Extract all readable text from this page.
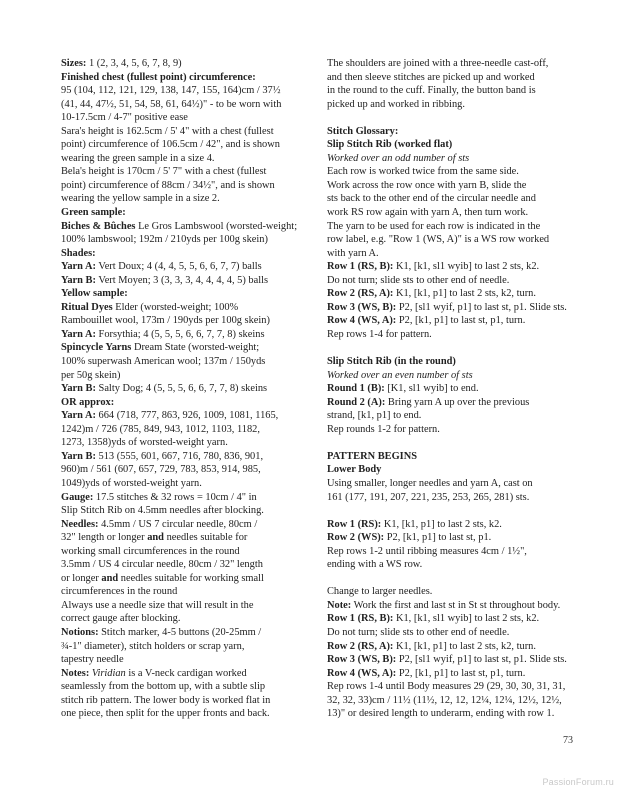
Sizes: 1 (2, 3, 4, 5, 6, 7, 8, 9)

Finished chest (fullest point) circumference:

95 (104, 112, 121, 129, 138, 147, 155, 164)cm / 37½

(41, 44, 47½, 51, 54, 58, 61, 64½)" - to be worn with

10-17.5cm / 4-7" positive ease

Sara's height is 162.5cm / 5' 4" with a chest (fullest

point) circumference of 106.5cm / 42", and is shown

wearing the green sample in a size 4.

Bela's height is 170cm / 5' 7" with a chest (fullest

point) circumference of 88cm / 34½", and is shown

wearing the yellow sample in a size 2.

Green sample:

Biches & Bûches Le Gros Lambswool (worsted-weight;

100% lambswool; 192m / 210yds per 100g skein)

Shades:

Yarn A: Vert Doux; 4 (4, 4, 5, 5, 6, 6, 7, 7) balls

Yarn B: Vert Moyen; 3 (3, 3, 3, 4, 4, 4, 4, 5) balls

Yellow sample:

Ritual Dyes Elder (worsted-weight; 100%

Rambouillet wool, 173m / 190yds per 100g skein)

Yarn A: Forsythia; 4 (5, 5, 5, 6, 6, 7, 7, 8) skeins

Spincycle Yarns Dream State (worsted-weight;

100% superwash American wool; 137m / 150yds

per 50g skein)

Yarn B: Salty Dog; 4 (5, 5, 5, 6, 6, 7, 7, 8) skeins

OR approx:

Yarn A: 664 (718, 777, 863, 926, 1009, 1081, 1165,

1242)m / 726 (785, 849, 943, 1012, 1103, 1182,

1273, 1358)yds of worsted-weight yarn.

Yarn B: 513 (555, 601, 667, 716, 780, 836, 901,

960)m / 561 (607, 657, 729, 783, 853, 914, 985,

1049)yds of worsted-weight yarn.

Gauge: 17.5 stitches & 32 rows = 10cm / 4" in

Slip Stitch Rib on 4.5mm needles after blocking.

Needles: 4.5mm / US 7 circular needle, 80cm /

32" length or longer and needles suitable for

working small circumferences in the round

3.5mm / US 4 circular needle, 80cm / 32" length

or longer and needles suitable for working small

circumferences in the round

Always use a needle size that will result in the

correct gauge after blocking.

Notions: Stitch marker, 4-5 buttons (20-25mm /

¾-1" diameter), stitch holders or scrap yarn,

tapestry needle

Notes: Viridian is a V-neck cardigan worked

seamlessly from the bottom up, with a subtle slip

stitch rib pattern. The lower body is worked flat in

one piece, then split for the upper fronts and back.

The shoulders are joined with a three-needle cast-off,

and then sleeve stitches are picked up and worked

in the round to the cuff. Finally, the button band is

picked up and worked in ribbing.

Stitch Glossary:

Slip Stitch Rib (worked flat)

Worked over an odd number of sts

Each row is worked twice from the same side.

Work across the row once with yarn B, slide the

sts back to the other end of the circular needle and

work RS row again with yarn A, then turn work.

The yarn to be used for each row is indicated in the

row label, e.g. "Row 1 (WS, A)" is a WS row worked

with yarn A.

Row 1 (RS, B): K1, [k1, sl1 wyib] to last 2 sts, k2.

Do not turn; slide sts to other end of needle.

Row 2 (RS, A): K1, [k1, p1] to last 2 sts, k2, turn.

Row 3 (WS, B): P2, [sl1 wyif, p1] to last st, p1. Slide sts.

Row 4 (WS, A): P2, [k1, p1] to last st, p1, turn.

Rep rows 1-4 for pattern.

Slip Stitch Rib (in the round)

Worked over an even number of sts

Round 1 (B): [K1, sl1 wyib] to end.

Round 2 (A): Bring yarn A up over the previous

strand, [k1, p1] to end.

Rep rounds 1-2 for pattern.

PATTERN BEGINS

Lower Body

Using smaller, longer needles and yarn A, cast on

161 (177, 191, 207, 221, 235, 253, 265, 281) sts.

Row 1 (RS): K1, [k1, p1] to last 2 sts, k2.

Row 2 (WS): P2, [k1, p1] to last st, p1.

Rep rows 1-2 until ribbing measures 4cm / 1½",

ending with a WS row.

Change to larger needles.

Note: Work the first and last st in St st throughout body.

Row 1 (RS, B): K1, [k1, sl1 wyib] to last 2 sts, k2.

Do not turn; slide sts to other end of needle.

Row 2 (RS, A): K1, [k1, p1] to last 2 sts, k2, turn.

Row 3 (WS, B): P2, [sl1 wyif, p1] to last st, p1. Slide sts.

Row 4 (WS, A): P2, [k1, p1] to last st, p1, turn.

Rep rows 1-4 until Body measures 29 (29, 30, 30, 31, 31,

32, 32, 33)cm / 11½ (11½, 12, 12, 12¼, 12¼, 12½, 12½,

13)" or desired length to underarm, ending with row 1.

73
PassionForum.ru
